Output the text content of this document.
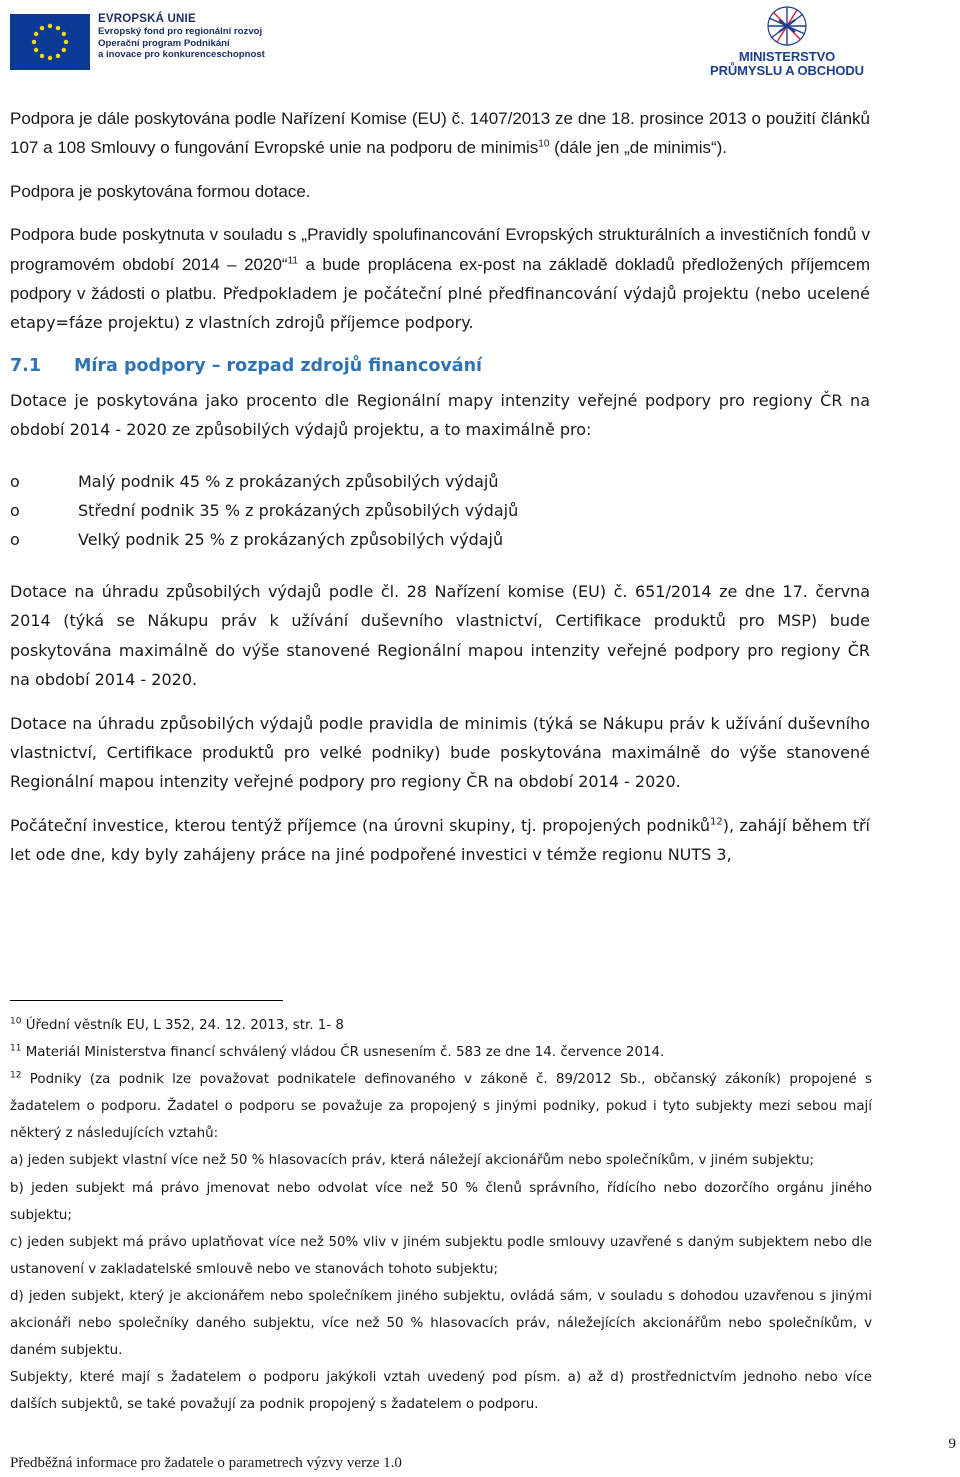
EVROPSKÁ UNIE
Evropský fond pro regionální rozvoj
Operační program Podnikání
a inovace pro konkurenceschopnost	MINISTERSTVO
PRŮMYSLU A OBCHODU

Podpora je dále poskytována podle Nařízení Komise (EU) č. 1407/2013 ze dne 18. prosince 2013 o použití článků 107 a 108 Smlouvy o fungování Evropské unie na podporu de minimis$^{10}$ (dále jen „de minimis“).

Podpora je poskytována formou dotace.

Podpora bude poskytnuta v souladu s „Pravidly spolufinancování Evropských strukturálních a investičních fondů v programovém období 2014 – 2020“$^{11}$ a bude proplácena ex-post na základě dokladů předložených příjemcem podpory v žádosti o platbu. Předpokladem je počáteční plné předfinancování výdajů projektu (nebo ucelené etapy=fáze projektu) z vlastních zdrojů příjemce podpory.

7.1 Míra podpory – rozpad zdrojů financování

Dotace je poskytována jako procento dle Regionální mapy intenzity veřejné podpory pro regiony ČR na období 2014 - 2020 ze způsobilých výdajů projektu, a to maximálně pro:

o	Malý podnik 45 % z prokázaných způsobilých výdajů
o	Střední podnik 35 % z prokázaných způsobilých výdajů
o	Velký podnik 25 % z prokázaných způsobilých výdajů

Dotace na úhradu způsobilých výdajů podle čl. 28 Nařízení komise (EU) č. 651/2014 ze dne 17. června 2014 (týká se Nákupu práv k užívání duševního vlastnictví, Certifikace produktů pro MSP) bude poskytována maximálně do výše stanovené Regionální mapou intenzity veřejné podpory pro regiony ČR na období 2014 - 2020.

Dotace na úhradu způsobilých výdajů podle pravidla de minimis (týká se Nákupu práv k užívání duševního vlastnictví, Certifikace produktů pro velké podniky) bude poskytována maximálně do výše stanovené Regionální mapou intenzity veřejné podpory pro regiony ČR na období 2014 - 2020.

Počáteční investice, kterou tentýž příjemce (na úrovni skupiny, tj. propojených podniků$^{12}$), zahájí během tří let ode dne, kdy byly zahájeny práce na jiné podpořené investici v témže regionu NUTS 3,

$^{10}$ Úřední věstník EU, L 352, 24. 12. 2013, str. 1- 8

$^{11}$ Materiál Ministerstva financí schválený vládou ČR usnesením č. 583 ze dne 14. července 2014.

$^{12}$ Podniky (za podnik lze považovat podnikatele definovaného v zákoně č. 89/2012 Sb., občanský zákoník) propojené s žadatelem o podporu. Žadatel o podporu se považuje za propojený s jinými podniky, pokud i tyto subjekty mezi sebou mají některý z následujících vztahů:

a) jeden subjekt vlastní více než 50 % hlasovacích práv, která náležejí akcionářům nebo společníkům, v jiném subjektu;

b) jeden subjekt má právo jmenovat nebo odvolat více než 50 % členů správního, řídícího nebo dozorčího orgánu jiného subjektu;

c) jeden subjekt má právo uplatňovat více než 50% vliv v jiném subjektu podle smlouvy uzavřené s daným subjektem nebo dle ustanovení v zakladatelské smlouvě nebo ve stanovách tohoto subjektu;

d) jeden subjekt, který je akcionářem nebo společníkem jiného subjektu, ovládá sám, v souladu s dohodou uzavřenou s jinými akcionáři nebo společníky daného subjektu, více než 50 % hlasovacích práv, náležejících akcionářům nebo společníkům, v daném subjektu.

Subjekty, které mají s žadatelem o podporu jakýkoli vztah uvedený pod písm. a) až d) prostřednictvím jednoho nebo více dalších subjektů, se také považují za podnik propojený s žadatelem o podporu.

Předběžná informace pro žadatele o parametrech výzvy verze 1.0
9
